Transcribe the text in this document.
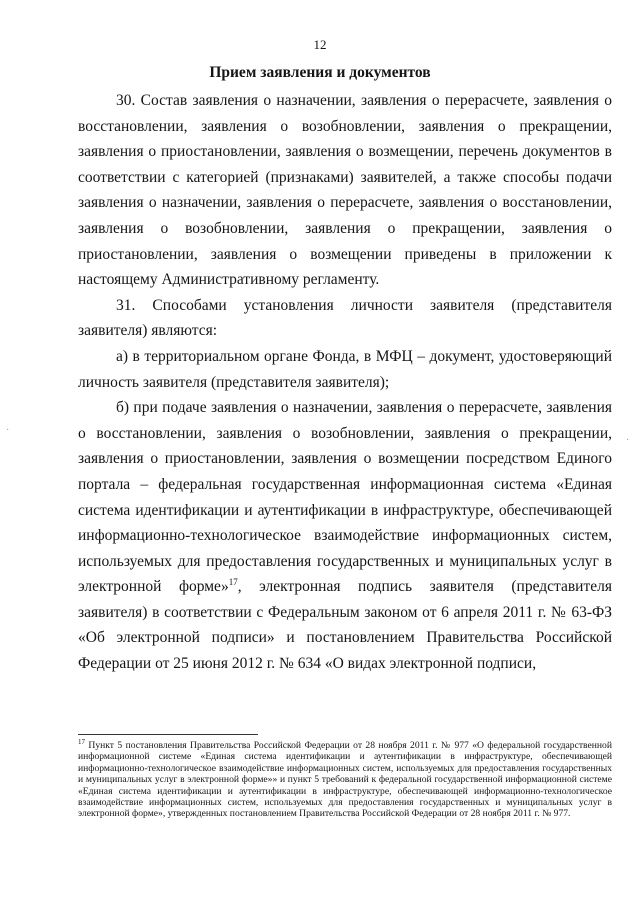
12
Прием заявления и документов

30. Состав заявления о назначении, заявления о перерасчете, заявления о восстановлении, заявления о возобновлении, заявления о прекращении, заявления о приостановлении, заявления о возмещении, перечень документов в соответствии с категорией (признаками) заявителей, а также способы подачи заявления о назначении, заявления о перерасчете, заявления о восстановлении, заявления о возобновлении, заявления о прекращении, заявления о приостановлении, заявления о возмещении приведены в приложении к настоящему Административному регламенту.

31. Способами установления личности заявителя (представителя заявителя) являются:

а) в территориальном органе Фонда, в МФЦ – документ, удостоверяющий личность заявителя (представителя заявителя);

б) при подаче заявления о назначении, заявления о перерасчете, заявления о восстановлении, заявления о возобновлении, заявления о прекращении, заявления о приостановлении, заявления о возмещении посредством Единого портала – федеральная государственная информационная система «Единая система идентификации и аутентификации в инфраструктуре, обеспечивающей информационно-технологическое взаимодействие информационных систем, используемых для предоставления государственных и муниципальных услуг в электронной форме»$^{17}$, электронная подпись заявителя (представителя заявителя) в соответствии с Федеральным законом от 6 апреля 2011 г. № 63-ФЗ «Об электронной подписи» и постановлением Правительства Российской Федерации от 25 июня 2012 г. № 634 «О видах электронной подписи,

$^{17}$ Пункт 5 постановления Правительства Российской Федерации от 28 ноября 2011 г. № 977 «О федеральной государственной информационной системе «Единая система идентификации и аутентификации в инфраструктуре, обеспечивающей информационно-технологическое взаимодействие информационных систем, используемых для предоставления государственных и муниципальных услуг в электронной форме»» и пункт 5 требований к федеральной государственной информационной системе «Единая система идентификации и аутентификации в инфраструктуре, обеспечивающей информационно-технологическое взаимодействие информационных систем, используемых для предоставления государственных и муниципальных услуг в электронной форме», утвержденных постановлением Правительства Российской Федерации от 28 ноября 2011 г. № 977.
·
·
